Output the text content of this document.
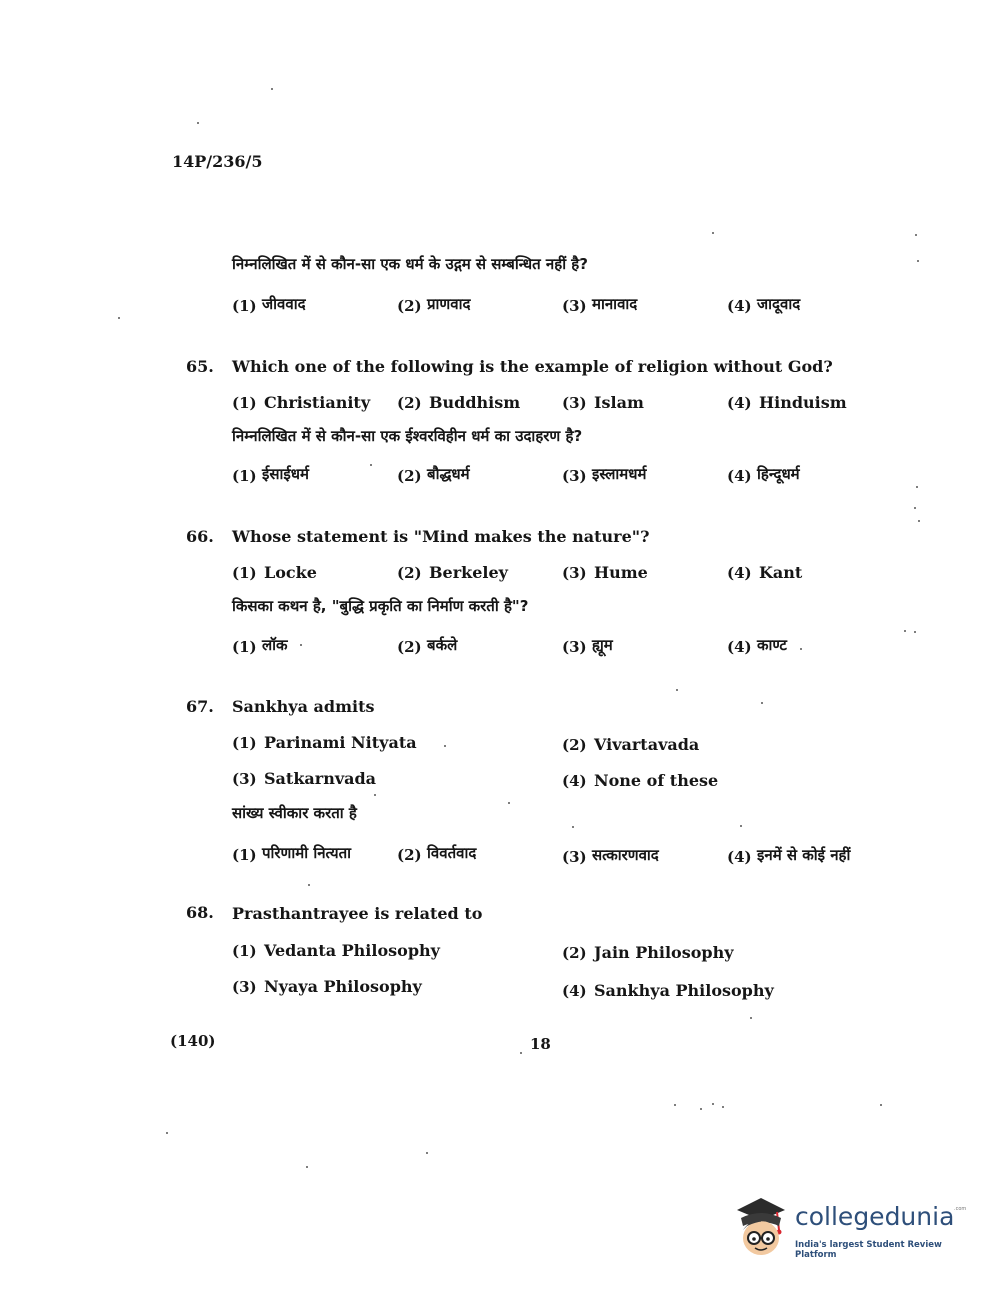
14P/236/5
निम्नलिखित में से कौन-सा एक धर्म के उद्गम से सम्बन्धित नहीं है?
(1) जीववाद	(2) प्राणवाद	(3) मानावाद	(4) जादूवाद
65. Which one of the following is the example of religion without God?
(1) Christianity (2) Buddhism	(3) Islam	(4) Hinduism
निम्नलिखित में से कौन-सा एक ईश्वरविहीन धर्म का उदाहरण है?
(1) ईसाईधर्म	(2) बौद्धधर्म	(3) इस्लामधर्म	(4) हिन्दूधर्म
66. Whose statement is "Mind makes the nature"?
(1) Locke	(2) Berkeley	(3) Hume	(4) Kant
किसका कथन है, "बुद्धि प्रकृति का निर्माण करती है"?
(1) लॉक	(2) बर्कले	(3) ह्यूम	(4) काण्ट
67. Sankhya admits
(1) Parinami Nityata	(2) Vivartavada
(3) Satkarnvada	(4) None of these
सांख्य स्वीकार करता है
(1) परिणामी नित्यता	(2) विवर्तवाद	(3) सत्कारणवाद	(4) इनमें से कोई नहीं
68. Prasthantrayee is related to
(1) Vedanta Philosophy	(2) Jain Philosophy
(3) Nyaya Philosophy	(4) Sankhya Philosophy
(140)	18
collegedunia .com
India's largest Student Review Platform
